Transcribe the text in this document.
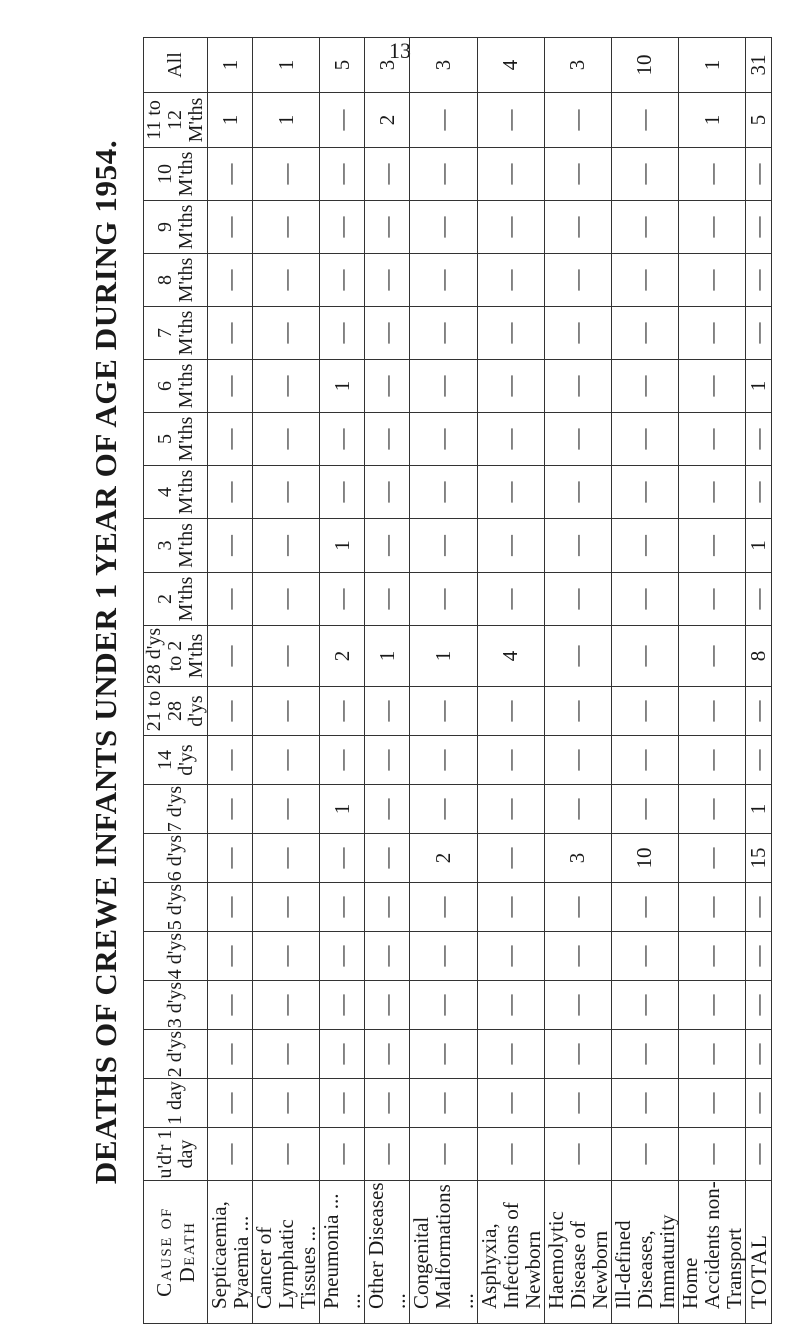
13
DEATHS OF CREWE INFANTS UNDER 1 YEAR OF AGE DURING 1954.
Cause of Death	u'd'r 1 day	1 day	2 d'ys	3 d'ys	4 d'ys	5 d'ys	6 d'ys	7 d'ys	14 d'ys	21 to 28 d'ys	28 d'ys to 2 M'ths	2 M'ths	3 M'ths	4 M'ths	5 M'ths	6 M'ths	7 M'ths	8 M'ths	9 M'ths	10 M'ths	11 to 12 M'ths	All
Septicaemia, Pyaemia ...	—	—	—	—	—	—	—	—	—	—	—	—	—	—	—	—	—	—	—	—	1	1
Cancer of Lymphatic Tissues ...	—	—	—	—	—	—	—	—	—	—	—	—	—	—	—	—	—	—	—	—	1	1
Pneumonia ... ...	—	—	—	—	—	—	—	1	—	—	2	—	1	—	—	1	—	—	—	—	—	5
Other Diseases ...	—	—	—	—	—	—	—	—	—	—	1	—	—	—	—	—	—	—	—	—	2	3
Congenital Malformations ...	—	—	—	—	—	—	2	—	—	—	1	—	—	—	—	—	—	—	—	—	—	3
Asphyxia, Infections of Newborn	—	—	—	—	—	—	—	—	—	—	4	—	—	—	—	—	—	—	—	—	—	4
Haemolytic Disease of Newborn	—	—	—	—	—	—	3	—	—	—	—	—	—	—	—	—	—	—	—	—	—	3
Ill-defined Diseases, Immaturity	—	—	—	—	—	—	10	—	—	—	—	—	—	—	—	—	—	—	—	—	—	10
Home Accidents non-Transport	—	—	—	—	—	—	—	—	—	—	—	—	—	—	—	—	—	—	—	—	1	1
TOTAL	—	—	—	—	—	—	15	1	—	—	8	—	1	—	—	1	—	—	—	—	5	31
